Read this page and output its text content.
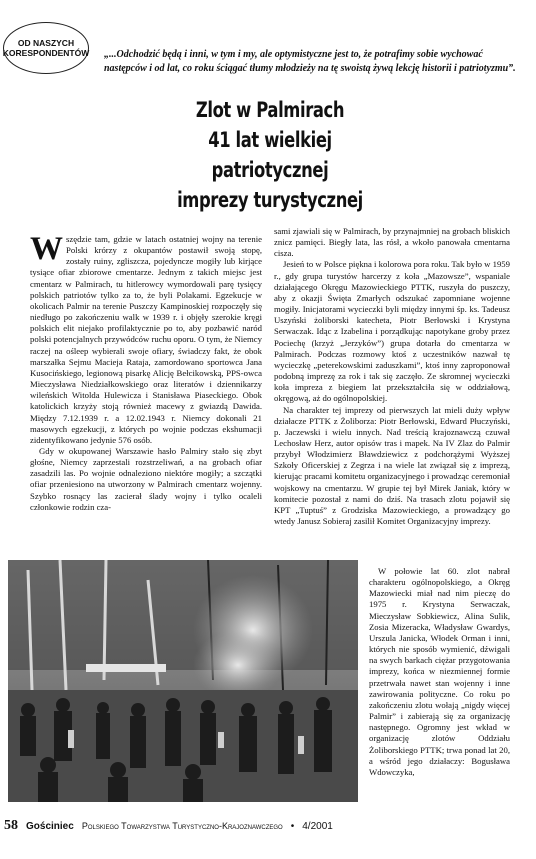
OD NASZYCH
KORESPONDENTÓW „...Odchodzić będą i inni, w tym i my, ale optymistyczne jest to, że potrafimy sobie wychować następców i od lat, co roku ściągać tłumy młodzieży na tę swoistą żywą lekcję historii i patriotyzmu”.
Zlot w Palmirach
41 lat wielkiej patriotycznej
imprezy turystycznej

Wszędzie tam, gdzie w latach ostatniej wojny na terenie Polski krórzy z okupantów postawił swoją stopę, zostały ruiny, zgliszcza, pojedyncze mogiły lub kirjące tysiące ofiar zbiorowe cmentarze. Jednym z takich miejsc jest cmentarz w Palmirach, tu hitlerowcy wymordowali parę tysięcy polskich patriotów tylko za to, że byli Polakami. Egzekucje w okolicach Palmir na terenie Puszczy Kampinoskiej rozpoczęły się niedługo po zakończeniu walk w 1939 r. i objęły szerokie kręgi polskich elit niejako profilaktycznie po to, aby pozbawić naród polski potencjalnych przywódców ruchu oporu. O tym, że Niemcy raczej na ośleep wybierali swoje ofiary, świadczy fakt, że obok marszałka Sejmu Macieja Rataja, zamordowano sportowca Jana Kusocińskiego, legionową pisarkę Alicję Bełcikowską, PPS-owca Mieczysława Niedziałkowskiego oraz literatów i dziennikarzy wileńskich Witolda Hulewicza i Stanisława Piaseckiego. Obok katolickich krzyży stoją również macewy z gwiazdą Dawida. Między 7.12.1939 r. a 12.02.1943 r. Niemcy dokonali 21 masowych egzekucji, z których po wojnie podczas ekshumacji zidentyfikowano jedynie 576 osób.

Gdy w okupowanej Warszawie hasło Palmiry stało się zbyt głośne, Niemcy zaprzestali rozstrzeliwań, a na grobach ofiar zasadzili las. Po wojnie odnaleziono niektóre mogiły; a szczątki ofiar przeniesiono na utworzony w Palmirach cmentarz wojenny. Szybko rosnący las zacierał ślady wojny i tylko ocaleli członkowie rodzin cza-

sami zjawiali się w Palmirach, by przynajmniej na grobach bliskich znicz pamięci. Biegły lata, las rósł, a wkoło panowała cmentarna cisza.

Jesień to w Polsce piękna i kolorowa pora roku. Tak było w 1959 r., gdy grupa turystów harcerzy z koła „Mazowsze”, wspaniale działającego Okręgu Mazowieckiego PTTK, ruszyła do puszczy, aby z okazji Święta Zmarłych odszukać zapomniane wojenne mogiły. Inicjatorami wycieczki byli między innymi śp. ks. Tadeusz Uszyński żoliborski katecheta, Piotr Berłowski i Krystyna Serwaczak. Idąc z Izabelina i porządkując napotykane groby przez Pociechę (krzyż „Jerzyków”) grupa dotarła do cmentarza w Palmirach. Podczas rozmowy ktoś z uczestników nazwał tę wycieczkę „peterekowskimi zaduszkami”, ktoś inny zaproponował podobną imprezę za rok i tak się zaczęło. Ze skromnej wycieczki koła impreza z biegiem lat przekształciła się w oddziałową, okręgową, aż do ogólnopolskiej.

Na charakter tej imprezy od pierwszych lat mieli duży wpływ działacze PTTK z Żoliborza: Piotr Berłowski, Edward Płuczyński, p. Jaczewski i wielu innych. Nad treścią krajoznawczą czuwał Lechosław Herz, autor opisów tras i mapek. Na IV Zlaz do Palmir przybył Włodzimierz Bławdziewicz z podchorążymi Wyższej Szkoły Oficerskiej z Zegrza i na wiele lat związał się z imprezą, kierując pracami komitetu organizacyjnego i prowadząc ceremoniał wojskowy na cmentarzu. W grupie tej był Mirek Janiak, który w komitecie pozostał z nami do dziś. Na trasach zlotu pojawił się KPT „Tuptuś” z Grodziska Mazowieckiego, a prowadzący go wtedy Janusz Sobieraj zasilił Komitet Organizacyjny imprezy.

W połowie lat 60. zlot nabrał charakteru ogólnopolskiego, a Okręg Mazowiecki miał nad nim pieczę do 1975 r. Krystyna Serwaczak, Mieczysław Sobkiewicz, Alina Sulik, Zosia Mizeracka, Władysław Gwardys, Urszula Janicka, Włodek Orman i inni, których nie sposób wymienić, dźwigali na swych barkach ciężar przygotowania imprezy, końca w niezmiennej formie przetrwała nawet stan wojenny i inne zawirowania polityczne. Co roku po zakończeniu zlotu wołają „nigdy więcej Palmir” i zabierają się za organizację następnego. Ogromny jest wkład w organizację zlotów Oddziału Żoliborskiego PTTK; trwa ponad lat 20, a wśród jego działaczy: Bogusława Wdowczyka,

58 Gościniec Polskiego Towarzystwa Turystyczno-Krajoznawczego • 4/2001
